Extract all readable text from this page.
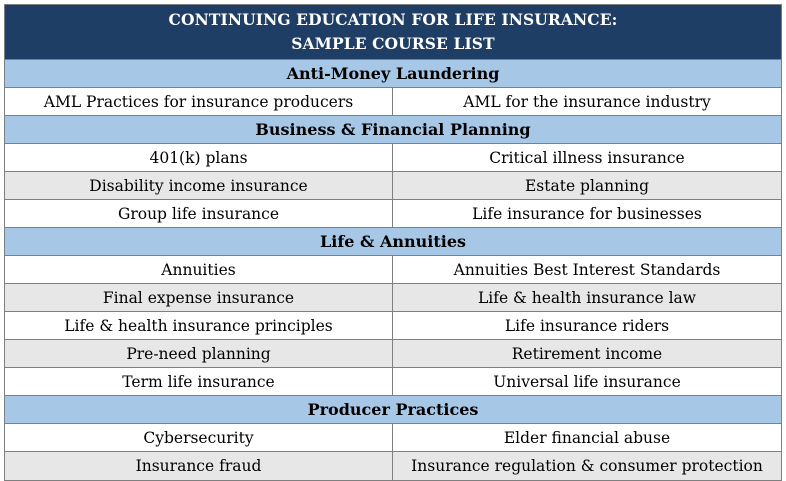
CONTINUING EDUCATION FOR LIFE INSURANCE:
SAMPLE COURSE LIST
Anti-Money Laundering
AML Practices for insurance producers	AML for the insurance industry
Business & Financial Planning
401(k) plans	Critical illness insurance
Disability income insurance	Estate planning
Group life insurance	Life insurance for businesses
Life & Annuities
Annuities	Annuities Best Interest Standards
Final expense insurance	Life & health insurance law
Life & health insurance principles	Life insurance riders
Pre-need planning	Retirement income
Term life insurance	Universal life insurance
Producer Practices
Cybersecurity	Elder financial abuse
Insurance fraud	Insurance regulation & consumer protection
